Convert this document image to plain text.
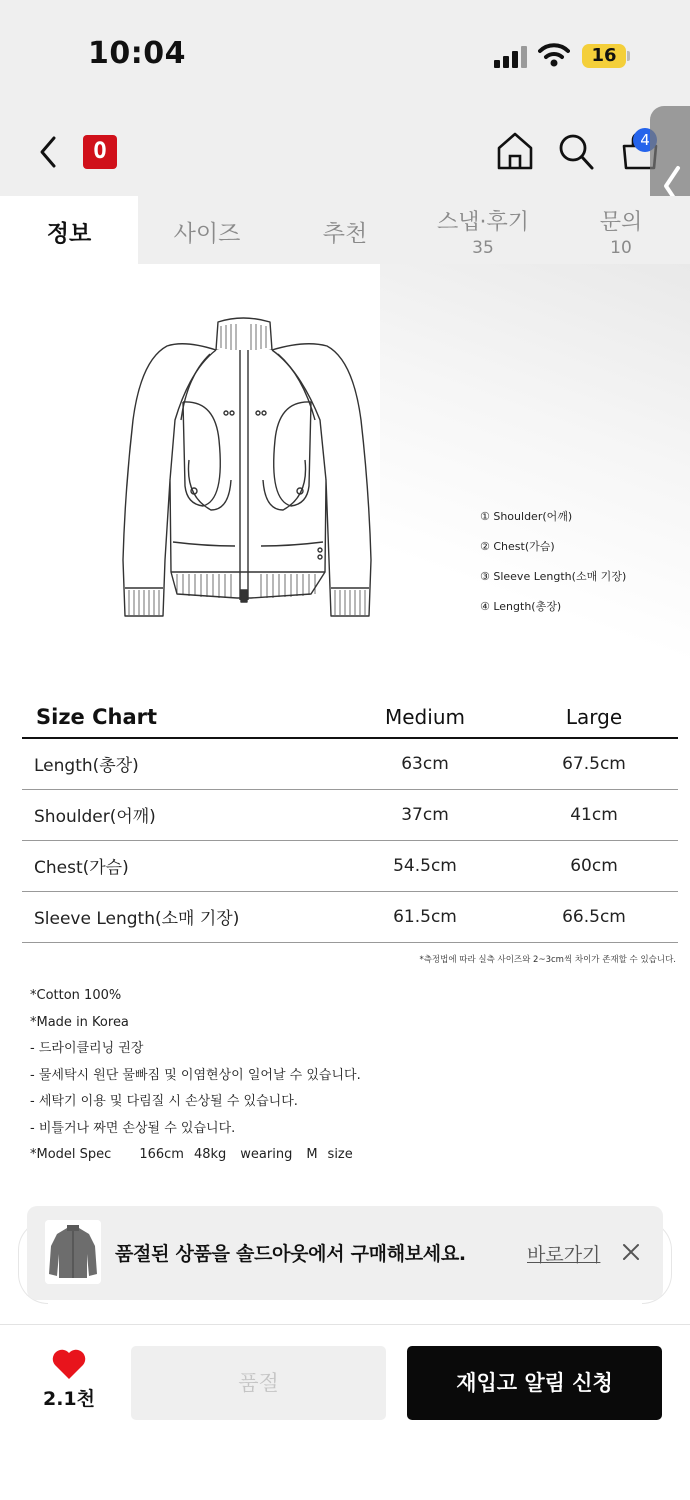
10:04	16
O	4
정보	사이즈	추천	스냅·후기
35
문의
10
① Shoulder(어깨)
② Chest(가슴)
③ Sleeve Length(소매 기장)
④ Length(총장)
Size Chart	Medium	Large
Length(총장)	63cm	67.5cm
Shoulder(어깨)	37cm	41cm
Chest(가슴)	54.5cm	60cm
Sleeve Length(소매 기장)	61.5cm	66.5cm
*측정법에 따라 실측 사이즈와 2~3cm씩 차이가 존재할 수 있습니다.
*Cotton 100%
*Made in Korea
- 드라이클리닝 권장
- 물세탁시 원단 물빠짐 및 이염현상이 일어날 수 있습니다.
- 세탁기 이용 및 다림질 시 손상될 수 있습니다.
- 비틀거나 짜면 손상될 수 있습니다.
*Model Spec 166cm 48kg wearing M size
품절된 상품을 솔드아웃에서 구매해보세요.	바로가기
2.1천
품절	재입고 알림 신청
